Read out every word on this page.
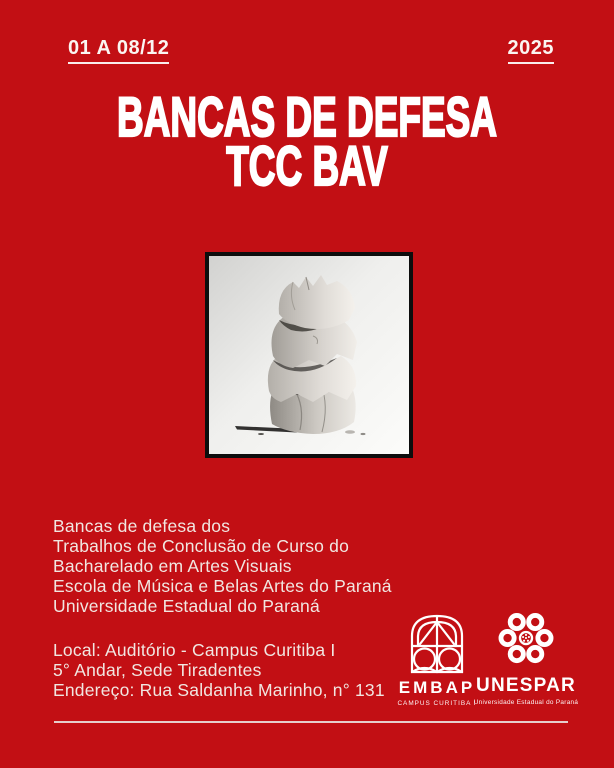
01 A 08/12	2025
BANCAS DE DEFESA
TCC BAV
Bancas de defesa dos
Trabalhos de Conclusão de Curso do
Bacharelado em Artes Visuais
Escola de Música e Belas Artes do Paraná
Universidade Estadual do Paraná
Local: Auditório - Campus Curitiba I
5° Andar, Sede Tiradentes
Endereço: Rua Saldanha Marinho, n° 131 EMBAP
CAMPUS CURITIBA I
UNESPAR
Universidade Estadual do Paraná
